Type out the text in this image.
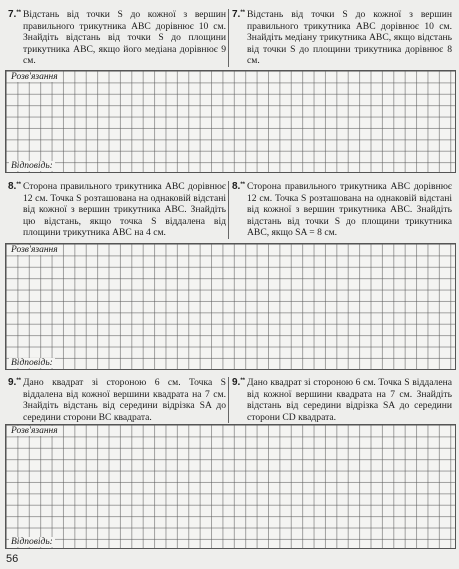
7.** Відстань від точки S до кожної з вершин правильного трикутника ABC дорівнює 10 см. Знайдіть відстань від точки S до площини трикутника ABC, якщо його медіана дорівнює 9 см.
7.** Відстань від точки S до кожної з вершин правильного трикутника ABC дорівнює 10 см. Знайдіть медіану трикутника ABC, якщо відстань від точки S до площини трикутника дорівнює 8 см.
Розв'язання
Відповідь:
8.** Сторона правильного трикутника ABC дорівнює 12 см. Точка S розташована на однаковій відстані від кожної з вершин трикутника ABC. Знайдіть цю відстань, якщо точка S віддалена від площини трикутника ABC на 4 см.
8.** Сторона правильного трикутника ABC дорівнює 12 см. Точка S розташована на однаковій відстані від кожної з вершин трикутника ABC. Знайдіть відстань від точки S до площини трикутника ABC, якщо SA = 8 см.
Розв'язання
Відповідь:
9.** Дано квадрат зі стороною 6 см. Точка S віддалена від кожної вершини квадрата на 7 см. Знайдіть відстань від середини відрізка SA до середини сторони BC квадрата.
9.** Дано квадрат зі стороною 6 см. Точка S віддалена від кожної вершини квадрата на 7 см. Знайдіть відстань від середини відрізка SA до середини сторони CD квадрата.
Розв'язання
Відповідь:
56
